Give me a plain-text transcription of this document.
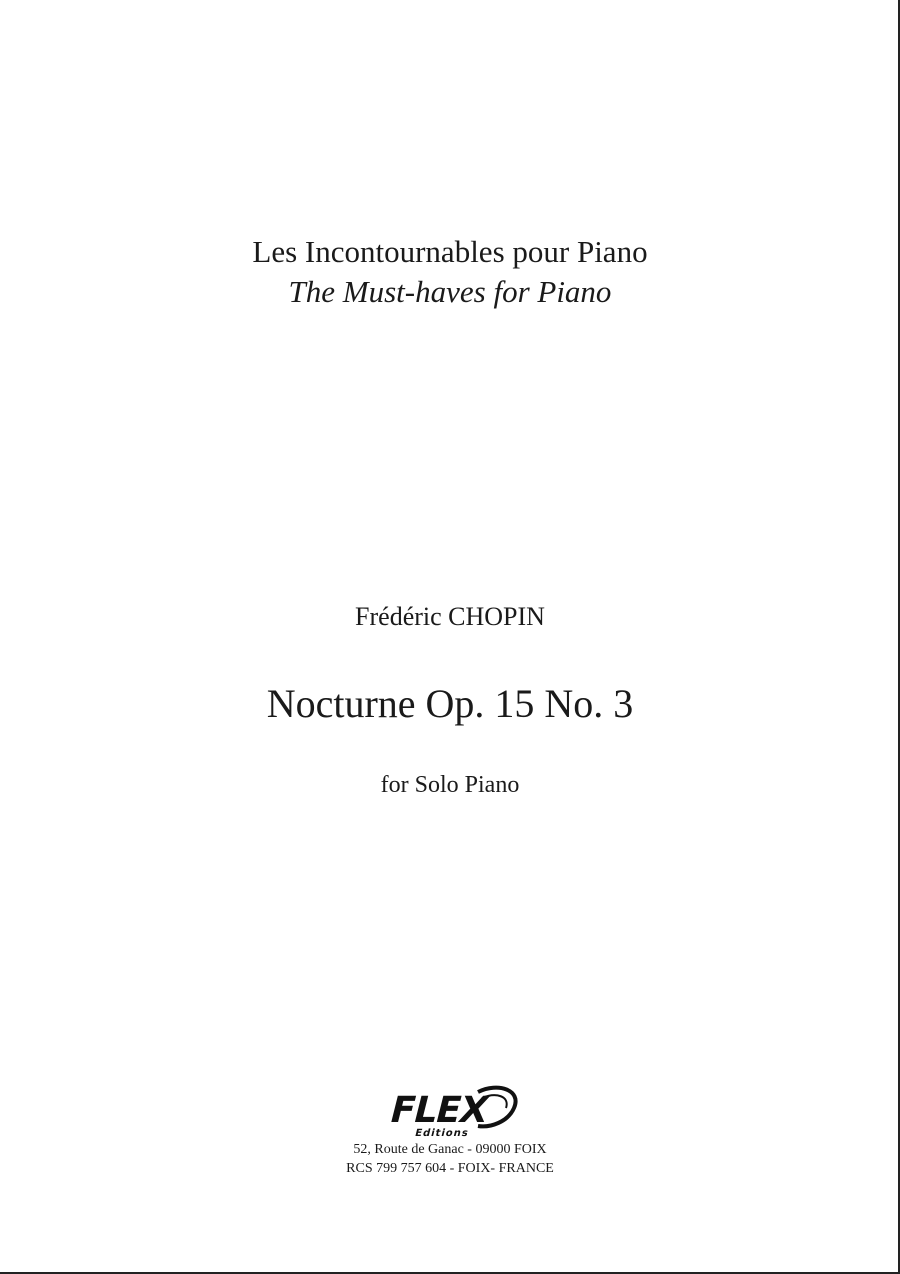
Les Incontournables pour Piano
The Must-haves for Piano
Frédéric CHOPIN
Nocturne Op. 15 No. 3
for Solo Piano
FLEX
Editions
52, Route de Ganac - 09000 FOIX
RCS 799 757 604 - FOIX- FRANCE
